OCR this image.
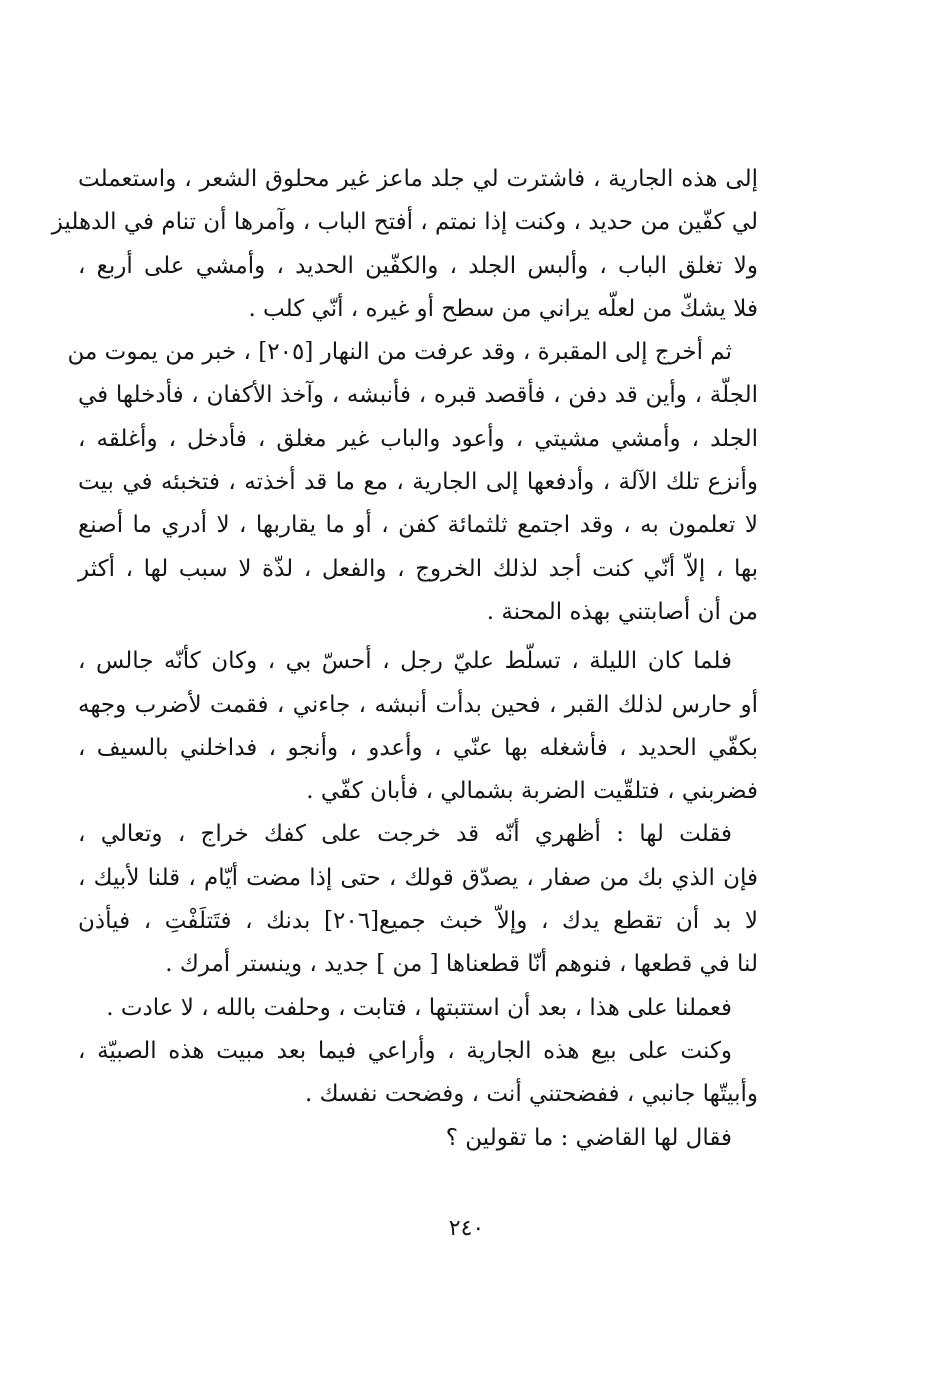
إلى هذه الجارية ، فاشترت لي جلد ماعز غير محلوق الشعر ، واستعملت
لي كفّين من حديد ، وكنت إذا نمتم ، أفتح الباب ، وآمرها أن تنام في الدهليز
ولا تغلق الباب ، وألبس الجلد ، والكفّين الحديد ، وأمشي على أربع ،
فلا يشكّ من لعلّه يراني من سطح أو غيره ، أنّي كلب .

ثم أخرج إلى المقبرة ، وقد عرفت من النهار [٢٠٥] ، خبر من يموت من
الجلّة ، وأين قد دفن ، فأقصد قبره ، فأنبشه ، وآخذ الأكفان ، فأدخلها في
الجلد ، وأمشي مشيتي ، وأعود والباب غير مغلق ، فأدخل ، وأغلقه ،
وأنزع تلك الآلة ، وأدفعها إلى الجارية ، مع ما قد أخذته ، فتخبئه في بيت
لا تعلمون به ، وقد اجتمع ثلثمائة كفن ، أو ما يقاربها ، لا أدري ما أصنع
بها ، إلاّ أنّي كنت أجد لذلك الخروج ، والفعل ، لذّة لا سبب لها ، أكثر
من أن أصابتني بهذه المحنة .

فلما كان الليلة ، تسلّط عليّ رجل ، أحسّ بي ، وكان كأنّه جالس ،
أو حارس لذلك القبر ، فحين بدأت أنبشه ، جاءني ، فقمت لأضرب وجهه
بكفّي الحديد ، فأشغله بها عنّي ، وأعدو ، وأنجو ، فداخلني بالسيف ،
فضربني ، فتلقّيت الضربة بشمالي ، فأبان كفّي .

فقلت لها : أظهري أنّه قد خرجت على كفك خراج ، وتعالي ،
فإن الذي بك من صفار ، يصدّق قولك ، حتى إذا مضت أيّام ، قلنا لأبيك ،
لا بد أن تقطع يدك ، وإلاّ خبث جميع[٢٠٦] بدنك ، فتَتلَفْتِ ، فيأذن
لنا في قطعها ، فنوهم أنّا قطعناها [ من ] جديد ، وينستر أمرك .

فعملنا على هذا ، بعد أن استتبتها ، فتابت ، وحلفت بالله ، لا عادت .

وكنت على بيع هذه الجارية ، وأراعي فيما بعد مبيت هذه الصبيّة ،
وأبيتّها جانبي ، ففضحتني أنت ، وفضحت نفسك .

فقال لها القاضي : ما تقولين ؟

٢٤٠
